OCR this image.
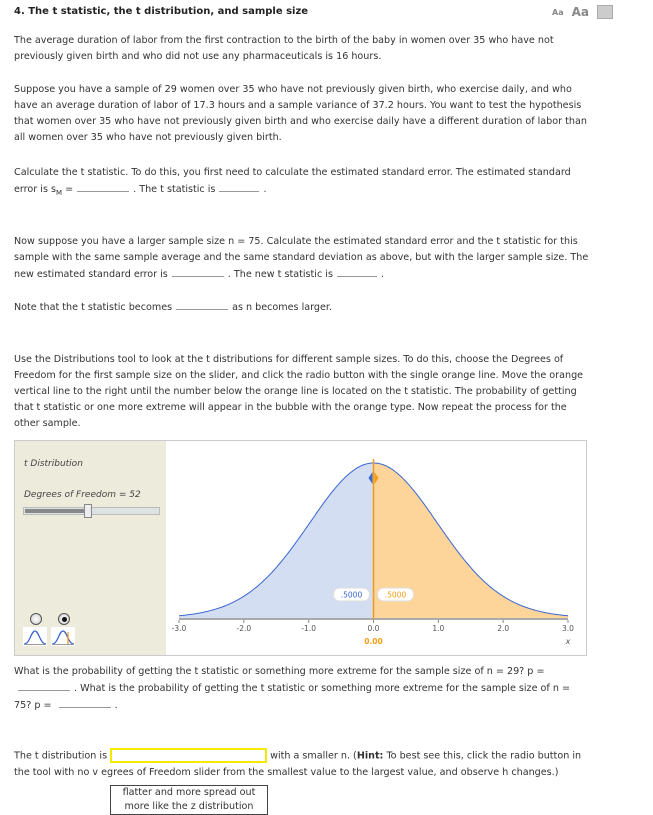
4. The t statistic, the t distribution, and sample size	Aa Aa
The average duration of labor from the first contraction to the birth of the baby in women over 35 who have not previously given birth and who did not use any pharmaceuticals is 16 hours.
Suppose you have a sample of 29 women over 35 who have not previously given birth, who exercise daily, and who have an average duration of labor of 17.3 hours and a sample variance of 37.2 hours. You want to test the hypothesis that women over 35 who have not previously given birth and who exercise daily have a different duration of labor than all women over 35 who have not previously given birth.
Calculate the t statistic. To do this, you first need to calculate the estimated standard error. The estimated standard error is $s_M$ =	. The t statistic is	.
Now suppose you have a larger sample size n = 75. Calculate the estimated standard error and the t statistic for this sample with the same sample average and the same standard deviation as above, but with the larger sample size. The new estimated standard error is	. The new t statistic is	.
Note that the t statistic becomes	as n becomes larger.
Use the Distributions tool to look at the t distributions for different sample sizes. To do this, choose the Degrees of Freedom for the first sample size on the slider, and click the radio button with the single orange line. Move the orange vertical line to the right until the number below the orange line is located on the t statistic. The probability of getting that t statistic or one more extreme will appear in the bubble with the orange type. Now repeat the process for the other sample.
t Distribution
Degrees of Freedom = 52
-3.0	-2.0	-1.0	0.0	1.0	2.0	3.0
x
0.00
.5000	.5000
What is the probability of getting the t statistic or something more extreme for the sample size of n = 29? p = . What is the probability of getting the t statistic or something more extreme for the sample size of n = 75? p =	.
The t distribution is	with a smaller n. (Hint: To best see this, click the radio button in the tool with no v egrees of Freedom slider from the smallest value to the largest value, and observe h changes.)
flatter and more spread out
more like the z distribution
